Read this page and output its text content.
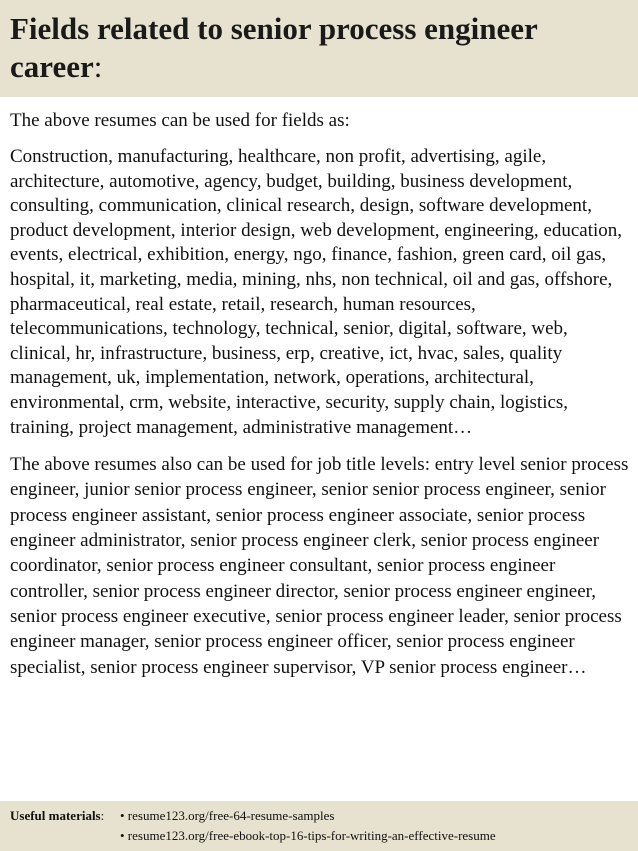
Fields related to senior process engineer career:

The above resumes can be used for fields as:

Construction, manufacturing, healthcare, non profit, advertising, agile, architecture, automotive, agency, budget, building, business development, consulting, communication, clinical research, design, software development, product development, interior design, web development, engineering, education, events, electrical, exhibition, energy, ngo, finance, fashion, green card, oil gas, hospital, it, marketing, media, mining, nhs, non technical, oil and gas, offshore, pharmaceutical, real estate, retail, research, human resources, telecommunications, technology, technical, senior, digital, software, web, clinical, hr, infrastructure, business, erp, creative, ict, hvac, sales, quality management, uk, implementation, network, operations, architectural, environmental, crm, website, interactive, security, supply chain, logistics, training, project management, administrative management…

The above resumes also can be used for job title levels: entry level senior process engineer, junior senior process engineer, senior senior process engineer, senior process engineer assistant, senior process engineer associate, senior process engineer administrator, senior process engineer clerk, senior process engineer coordinator, senior process engineer consultant, senior process engineer controller, senior process engineer director, senior process engineer engineer, senior process engineer executive, senior process engineer leader, senior process engineer manager, senior process engineer officer, senior process engineer specialist, senior process engineer supervisor, VP senior process engineer…

Useful materials:	• resume123.org/free-64-resume-samples
• resume123.org/free-ebook-top-16-tips-for-writing-an-effective-resume
